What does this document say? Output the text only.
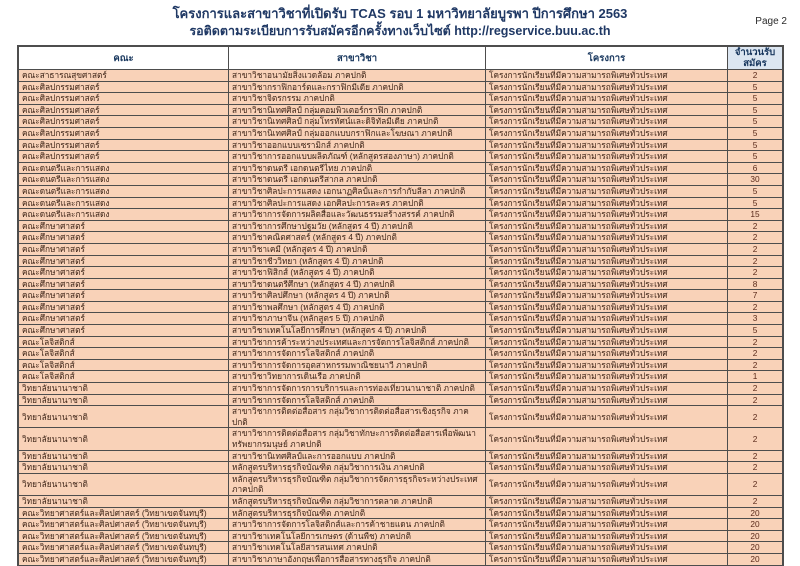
โครงการและสาขาวิชาที่เปิดรับ TCAS รอบ 1 มหาวิทยาลัยบูรพา ปีการศึกษา 2563
รอติดตามระเบียบการรับสมัครอีกครั้งทางเว็บไซต์ http://regservice.buu.ac.th
Page 2
คณะ	สาขาวิชา	โครงการ	จำนวนรับสมัคร
คณะสาธารณสุขศาสตร์	สาขาวิชาอนามัยสิ่งแวดล้อม ภาคปกติ	โครงการนักเรียนที่มีความสามารถพิเศษทั่วประเทศ	2
คณะศิลปกรรมศาสตร์	สาขาวิชากราฟิกอาร์ตและกราฟิกมีเดีย ภาคปกติ	โครงการนักเรียนที่มีความสามารถพิเศษทั่วประเทศ	5
คณะศิลปกรรมศาสตร์	สาขาวิชาจิตรกรรม ภาคปกติ	โครงการนักเรียนที่มีความสามารถพิเศษทั่วประเทศ	5
คณะศิลปกรรมศาสตร์	สาขาวิชานิเทศศิลป์ กลุ่มคอมพิวเตอร์กราฟิก ภาคปกติ	โครงการนักเรียนที่มีความสามารถพิเศษทั่วประเทศ	5
คณะศิลปกรรมศาสตร์	สาขาวิชานิเทศศิลป์ กลุ่มโทรทัศน์และดิจิทัลมีเดีย ภาคปกติ	โครงการนักเรียนที่มีความสามารถพิเศษทั่วประเทศ	5
คณะศิลปกรรมศาสตร์	สาขาวิชานิเทศศิลป์ กลุ่มออกแบบกราฟิกและโฆษณา ภาคปกติ	โครงการนักเรียนที่มีความสามารถพิเศษทั่วประเทศ	5
คณะศิลปกรรมศาสตร์	สาขาวิชาออกแบบเซรามิกส์ ภาคปกติ	โครงการนักเรียนที่มีความสามารถพิเศษทั่วประเทศ	5
คณะศิลปกรรมศาสตร์	สาขาวิชาการออกแบบผลิตภัณฑ์ (หลักสูตรสองภาษา) ภาคปกติ	โครงการนักเรียนที่มีความสามารถพิเศษทั่วประเทศ	5
คณะดนตรีและการแสดง	สาขาวิชาดนตรี เอกดนตรีไทย ภาคปกติ	โครงการนักเรียนที่มีความสามารถพิเศษทั่วประเทศ	6
คณะดนตรีและการแสดง	สาขาวิชาดนตรี เอกดนตรีสากล ภาคปกติ	โครงการนักเรียนที่มีความสามารถพิเศษทั่วประเทศ	30
คณะดนตรีและการแสดง	สาขาวิชาศิลปะการแสดง เอกนาฏศิลป์และการกำกับลีลา ภาคปกติ	โครงการนักเรียนที่มีความสามารถพิเศษทั่วประเทศ	5
คณะดนตรีและการแสดง	สาขาวิชาศิลปะการแสดง เอกศิลปะการละคร ภาคปกติ	โครงการนักเรียนที่มีความสามารถพิเศษทั่วประเทศ	5
คณะดนตรีและการแสดง	สาขาวิชาการจัดการผลิตสื่อและวัฒนธรรมสร้างสรรค์ ภาคปกติ	โครงการนักเรียนที่มีความสามารถพิเศษทั่วประเทศ	15
คณะศึกษาศาสตร์	สาขาวิชาการศึกษาปฐมวัย (หลักสูตร 4 ปี) ภาคปกติ	โครงการนักเรียนที่มีความสามารถพิเศษทั่วประเทศ	2
คณะศึกษาศาสตร์	สาขาวิชาคณิตศาสตร์ (หลักสูตร 4 ปี) ภาคปกติ	โครงการนักเรียนที่มีความสามารถพิเศษทั่วประเทศ	2
คณะศึกษาศาสตร์	สาขาวิชาเคมี (หลักสูตร 4 ปี) ภาคปกติ	โครงการนักเรียนที่มีความสามารถพิเศษทั่วประเทศ	2
คณะศึกษาศาสตร์	สาขาวิชาชีววิทยา (หลักสูตร 4 ปี) ภาคปกติ	โครงการนักเรียนที่มีความสามารถพิเศษทั่วประเทศ	2
คณะศึกษาศาสตร์	สาขาวิชาฟิสิกส์ (หลักสูตร 4 ปี) ภาคปกติ	โครงการนักเรียนที่มีความสามารถพิเศษทั่วประเทศ	2
คณะศึกษาศาสตร์	สาขาวิชาดนตรีศึกษา (หลักสูตร 4 ปี) ภาคปกติ	โครงการนักเรียนที่มีความสามารถพิเศษทั่วประเทศ	8
คณะศึกษาศาสตร์	สาขาวิชาศิลปศึกษา (หลักสูตร 4 ปี) ภาคปกติ	โครงการนักเรียนที่มีความสามารถพิเศษทั่วประเทศ	7
คณะศึกษาศาสตร์	สาขาวิชาพลศึกษา (หลักสูตร 4 ปี) ภาคปกติ	โครงการนักเรียนที่มีความสามารถพิเศษทั่วประเทศ	2
คณะศึกษาศาสตร์	สาขาวิชาภาษาจีน (หลักสูตร 5 ปี) ภาคปกติ	โครงการนักเรียนที่มีความสามารถพิเศษทั่วประเทศ	3
คณะศึกษาศาสตร์	สาขาวิชาเทคโนโลยีการศึกษา (หลักสูตร 4 ปี) ภาคปกติ	โครงการนักเรียนที่มีความสามารถพิเศษทั่วประเทศ	5
คณะโลจิสติกส์	สาขาวิชาการค้าระหว่างประเทศและการจัดการโลจิสติกส์ ภาคปกติ	โครงการนักเรียนที่มีความสามารถพิเศษทั่วประเทศ	2
คณะโลจิสติกส์	สาขาวิชาการจัดการโลจิสติกส์ ภาคปกติ	โครงการนักเรียนที่มีความสามารถพิเศษทั่วประเทศ	2
คณะโลจิสติกส์	สาขาวิชาการจัดการอุตสาหกรรมพาณิชยนาวี ภาคปกติ	โครงการนักเรียนที่มีความสามารถพิเศษทั่วประเทศ	2
คณะโลจิสติกส์	สาขาวิชาวิทยาการเดินเรือ ภาคปกติ	โครงการนักเรียนที่มีความสามารถพิเศษทั่วประเทศ	1
วิทยาลัยนานาชาติ	สาขาวิชาการจัดการการบริการและการท่องเที่ยวนานาชาติ ภาคปกติ	โครงการนักเรียนที่มีความสามารถพิเศษทั่วประเทศ	2
วิทยาลัยนานาชาติ	สาขาวิชาการจัดการโลจิสติกส์ ภาคปกติ	โครงการนักเรียนที่มีความสามารถพิเศษทั่วประเทศ	2
วิทยาลัยนานาชาติ	สาขาวิชาการติดต่อสื่อสาร กลุ่มวิชาการติดต่อสื่อสารเชิงธุรกิจ ภาคปกติ	โครงการนักเรียนที่มีความสามารถพิเศษทั่วประเทศ	2
วิทยาลัยนานาชาติ	สาขาวิชาการติดต่อสื่อสาร กลุ่มวิชาทักษะการติดต่อสื่อสารเพื่อพัฒนาทรัพยากรมนุษย์ ภาคปกติ	โครงการนักเรียนที่มีความสามารถพิเศษทั่วประเทศ	2
วิทยาลัยนานาชาติ	สาขาวิชานิเทศศิลป์และการออกแบบ ภาคปกติ	โครงการนักเรียนที่มีความสามารถพิเศษทั่วประเทศ	2
วิทยาลัยนานาชาติ	หลักสูตรบริหารธุรกิจบัณฑิต กลุ่มวิชาการเงิน ภาคปกติ	โครงการนักเรียนที่มีความสามารถพิเศษทั่วประเทศ	2
วิทยาลัยนานาชาติ	หลักสูตรบริหารธุรกิจบัณฑิต กลุ่มวิชาการจัดการธุรกิจระหว่างประเทศ ภาคปกติ	โครงการนักเรียนที่มีความสามารถพิเศษทั่วประเทศ	2
วิทยาลัยนานาชาติ	หลักสูตรบริหารธุรกิจบัณฑิต กลุ่มวิชาการตลาด ภาคปกติ	โครงการนักเรียนที่มีความสามารถพิเศษทั่วประเทศ	2
คณะวิทยาศาสตร์และศิลปศาสตร์ (วิทยาเขตจันทบุรี)	หลักสูตรบริหารธุรกิจบัณฑิต ภาคปกติ	โครงการนักเรียนที่มีความสามารถพิเศษทั่วประเทศ	20
คณะวิทยาศาสตร์และศิลปศาสตร์ (วิทยาเขตจันทบุรี)	สาขาวิชาการจัดการโลจิสติกส์และการค้าชายแดน ภาคปกติ	โครงการนักเรียนที่มีความสามารถพิเศษทั่วประเทศ	20
คณะวิทยาศาสตร์และศิลปศาสตร์ (วิทยาเขตจันทบุรี)	สาขาวิชาเทคโนโลยีการเกษตร (ด้านพืช) ภาคปกติ	โครงการนักเรียนที่มีความสามารถพิเศษทั่วประเทศ	20
คณะวิทยาศาสตร์และศิลปศาสตร์ (วิทยาเขตจันทบุรี)	สาขาวิชาเทคโนโลยีสารสนเทศ ภาคปกติ	โครงการนักเรียนที่มีความสามารถพิเศษทั่วประเทศ	20
คณะวิทยาศาสตร์และศิลปศาสตร์ (วิทยาเขตจันทบุรี)	สาขาวิชาภาษาอังกฤษเพื่อการสื่อสารทางธุรกิจ ภาคปกติ	โครงการนักเรียนที่มีความสามารถพิเศษทั่วประเทศ	20
